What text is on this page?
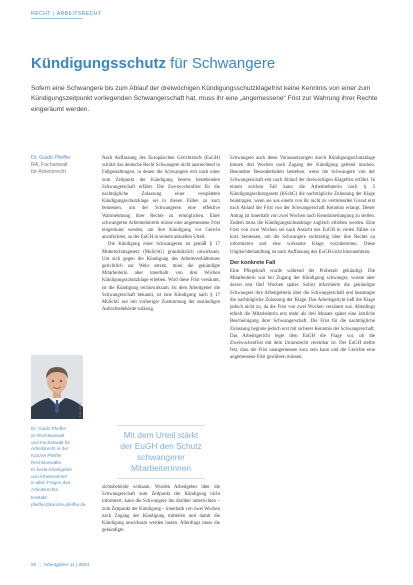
RECHT | ARBEITSRECHT
Kündigungsschutz für Schwangere
Sofern eine Schwangere bis zum Ablauf der dreiwöchigen Kündigungsschutzklagefrist keine Kenntnis von einer zum Kündigungszeitpunkt vorliegenden Schwangerschaft hat, muss ihr eine „angemessene“ Frist zur Wahrung ihrer Rechte eingeräumt werden.
Dr. Guido Pfeiffer
RA, Fachanwalt
für Arbeitsrecht
Foto: privat
Dr. Guido Pfeiffer
ist Rechtsanwalt
und Fachanwalt für
Arbeitsrecht in der
Kanzlei Pfeiffer
Rechtsanwälte.
Er berät Arbeitgeber
und Arbeitnehmer
in allen Fragen des
Arbeitsrechts.
Kontakt:
pfeiffer@kanzlei-pfeiffer.de

Nach Auffassung des Europäischen Gerichtshofs (EuGH) schützt das deutsche Recht Schwangere nicht ausreichend in Fallgestaltungen, in denen die Schwangere erst nach einer zum Zeitpunkt der Kündigung bereits bestehenden Schwangerschaft erfährt. Die Zweiwochenfrist für die nachträgliche Zulassung einer verspäteten Kündigungsschutzklage sei in diesen Fällen zu kurz bemessen, um der Schwangeren eine effektive Wahrnehmung ihrer Rechte zu ermöglichen. Einer schwangeren Arbeitnehmerin müsse eine angemessene Frist eingeräumt werden, um ihre Kündigung vor Gericht anzufechten, so der EuGH in seinem aktuellen Urteil.

Die Kündigung einer Schwangeren ist gemäß § 17 Mutterschutzgesetz (MuSchG) grundsätzlich unwirksam. Um sich gegen die Kündigung des Arbeitsverhältnisses gerichtlich zur Wehr setzen, muss die gekündigte Mitarbeiterin aber innerhalb von drei Wochen Kündigungsschutzklage erheben. Wird diese Frist versäumt, ist die Kündigung rechtswirksam. Ist dem Arbeitgeber die Schwangerschaft bekannt, ist eine Kündigung nach § 17 MuSchG nur mit vorheriger Zustimmung der zuständigen Aufsichtsbehörde zulässig.

Mit dem Urteil stärkt
der EuGH den Schutz
schwangerer
Mitarbeiterinnen

sichtsbehörde wirksam. Wurden Arbeitgeber über die Schwangerschaft zum Zeitpunkt der Kündigung nicht informiert, kann die Schwangere ihn darüber unterrichten – zum Zeitpunkt der Kündigung – innerhalb von zwei Wochen nach Zugang der Kündigung mitteilen und damit die Kündigung unwirksam werden lassen. Allerdings muss die gekündigte

Schwangere auch diese Voraussetzungen durch Kündigungsschutzklage binnen drei Wochen nach Zugang der Kündigung geltend machen. Besondere Besonderheiten bestehen, wenn die Schwangere von der Schwangerschaft erst nach Ablauf der dreiwöchigen Klagefrist erfährt. In einem solchen Fall kann die Arbeitnehmerin nach § 5 Kündigungsschutzgesetz (KSchG) die nachträgliche Zulassung der Klage beantragen, wenn sie aus einem von ihr nicht zu vertretenden Grund erst nach Ablauf der Frist von der Schwangerschaft Kenntnis erlangt. Dieser Antrag ist innerhalb von zwei Wochen nach Kenntniserlangung zu stellen. Zudem muss die Kündigungsschutzklage zugleich erhoben werden. Eine Frist von zwei Wochen sei nach Ansicht des EuGH in vielen Fällen zu kurz bemessen, um die Schwangere rechtzeitig über ihre Rechte zu informieren und eine wirksame Klage vorzubereiten. Diese Ungleichbehandlung ist nach Auffassung des EuGH nicht hinzunehmen.

Der konkrete Fall

Eine Pflegekraft wurde während der Probezeit gekündigt. Die Mitarbeiterin war bei Zugang der Kündigung schwanger, wusste aber davon erst fünf Wochen später. Sofort informierte die gekündigte Schwangere ihre Arbeitgeberin über die Schwangerschaft und beantragte die nachträgliche Zulassung der Klage. Das Arbeitsgericht ließ die Klage jedoch nicht zu, da die Frist von zwei Wochen versäumt war. Allerdings erhielt die Mitarbeiterin erst mehr als drei Monate später eine ärztliche Bescheinigung ihrer Schwangerschaft. Die Frist für die nachträgliche Zulassung beginne jedoch erst mit sicherer Kenntnis der Schwangerschaft. Das Arbeitsgericht legte dem EuGH die Frage vor, ob die Zweiwochenfrist mit dem Unionsrecht vereinbar ist. Der EuGH stellte fest, dass die Frist unangemessen kurz sein kann und die Gerichte eine angemessene Frist gewähren müssen.

50 | Arbeitgeber 11 | 2024
